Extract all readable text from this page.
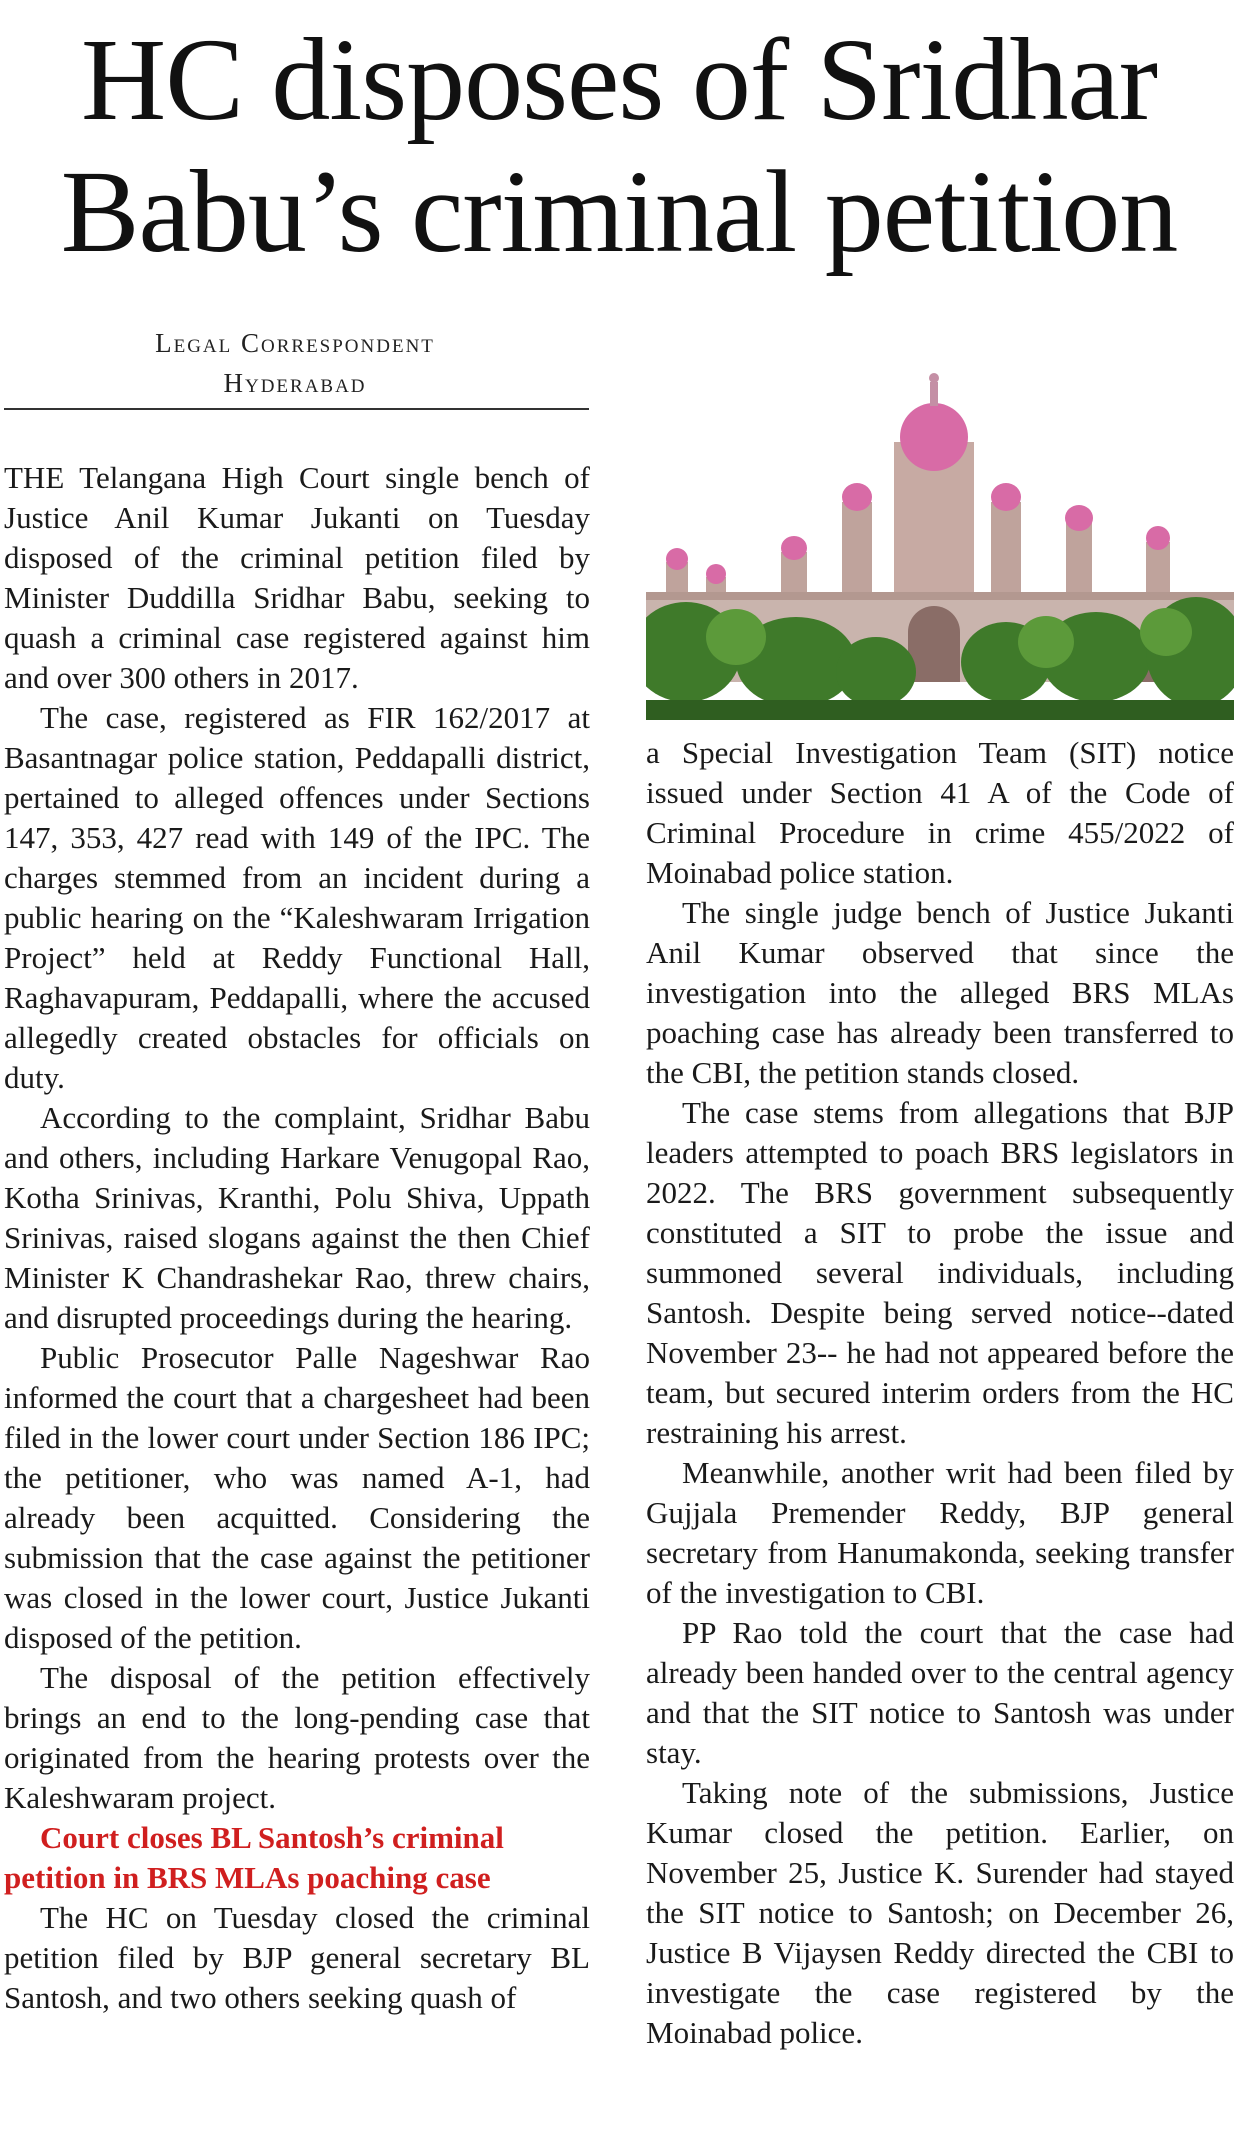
HC disposes of Sridhar
Babu’s criminal petition
Legal Correspondent
Hyderabad

THE Telangana High Court single bench of Justice Anil Kumar Jukanti on Tuesday disposed of the criminal petition filed by Minister Duddilla Sridhar Babu, seeking to quash a criminal case registered against him and over 300 others in 2017.

The case, registered as FIR 162/2017 at Basantnagar police station, Peddapalli district, pertained to alleged offences under Sections 147, 353, 427 read with 149 of the IPC. The charges stemmed from an incident during a public hearing on the “Kaleshwaram Irrigation Project” held at Reddy Functional Hall, Raghavapuram, Peddapalli, where the accused allegedly created obstacles for officials on duty.

According to the complaint, Sridhar Babu and others, including Harkare Venugopal Rao, Kotha Srinivas, Kranthi, Polu Shiva, Uppath Srinivas, raised slogans against the then Chief Minister K Chandrashekar Rao, threw chairs, and disrupted proceedings during the hearing.

Public Prosecutor Palle Nageshwar Rao informed the court that a chargesheet had been filed in the lower court under Section 186 IPC; the petitioner, who was named A-1, had already been acquitted. Considering the submission that the case against the petitioner was closed in the lower court, Justice Jukanti disposed of the petition.

The disposal of the petition effectively brings an end to the long-pending case that originated from the hearing protests over the Kaleshwaram project.

Court closes BL Santosh’s criminal petition in BRS MLAs poaching case

The HC on Tuesday closed the criminal petition filed by BJP general secretary BL Santosh, and two others seeking quash of

a Special Investigation Team (SIT) notice issued under Section 41 A of the Code of Criminal Procedure in crime 455/2022 of Moinabad police station.

The single judge bench of Justice Jukanti Anil Kumar observed that since the investigation into the alleged BRS MLAs poaching case has already been transferred to the CBI, the petition stands closed.

The case stems from allegations that BJP leaders attempted to poach BRS legislators in 2022. The BRS government subsequently constituted a SIT to probe the issue and summoned several individuals, including Santosh. Despite being served notice--dated November 23-- he had not appeared before the team, but secured interim orders from the HC restraining his arrest.

Meanwhile, another writ had been filed by Gujjala Premender Reddy, BJP general secretary from Hanumakonda, seeking transfer of the investigation to CBI.

PP Rao told the court that the case had already been handed over to the central agency and that the SIT notice to Santosh was under stay.

Taking note of the submissions, Justice Kumar closed the petition. Earlier, on November 25, Justice K. Surender had stayed the SIT notice to Santosh; on December 26, Justice B Vijaysen Reddy directed the CBI to investigate the case registered by the Moinabad police.
